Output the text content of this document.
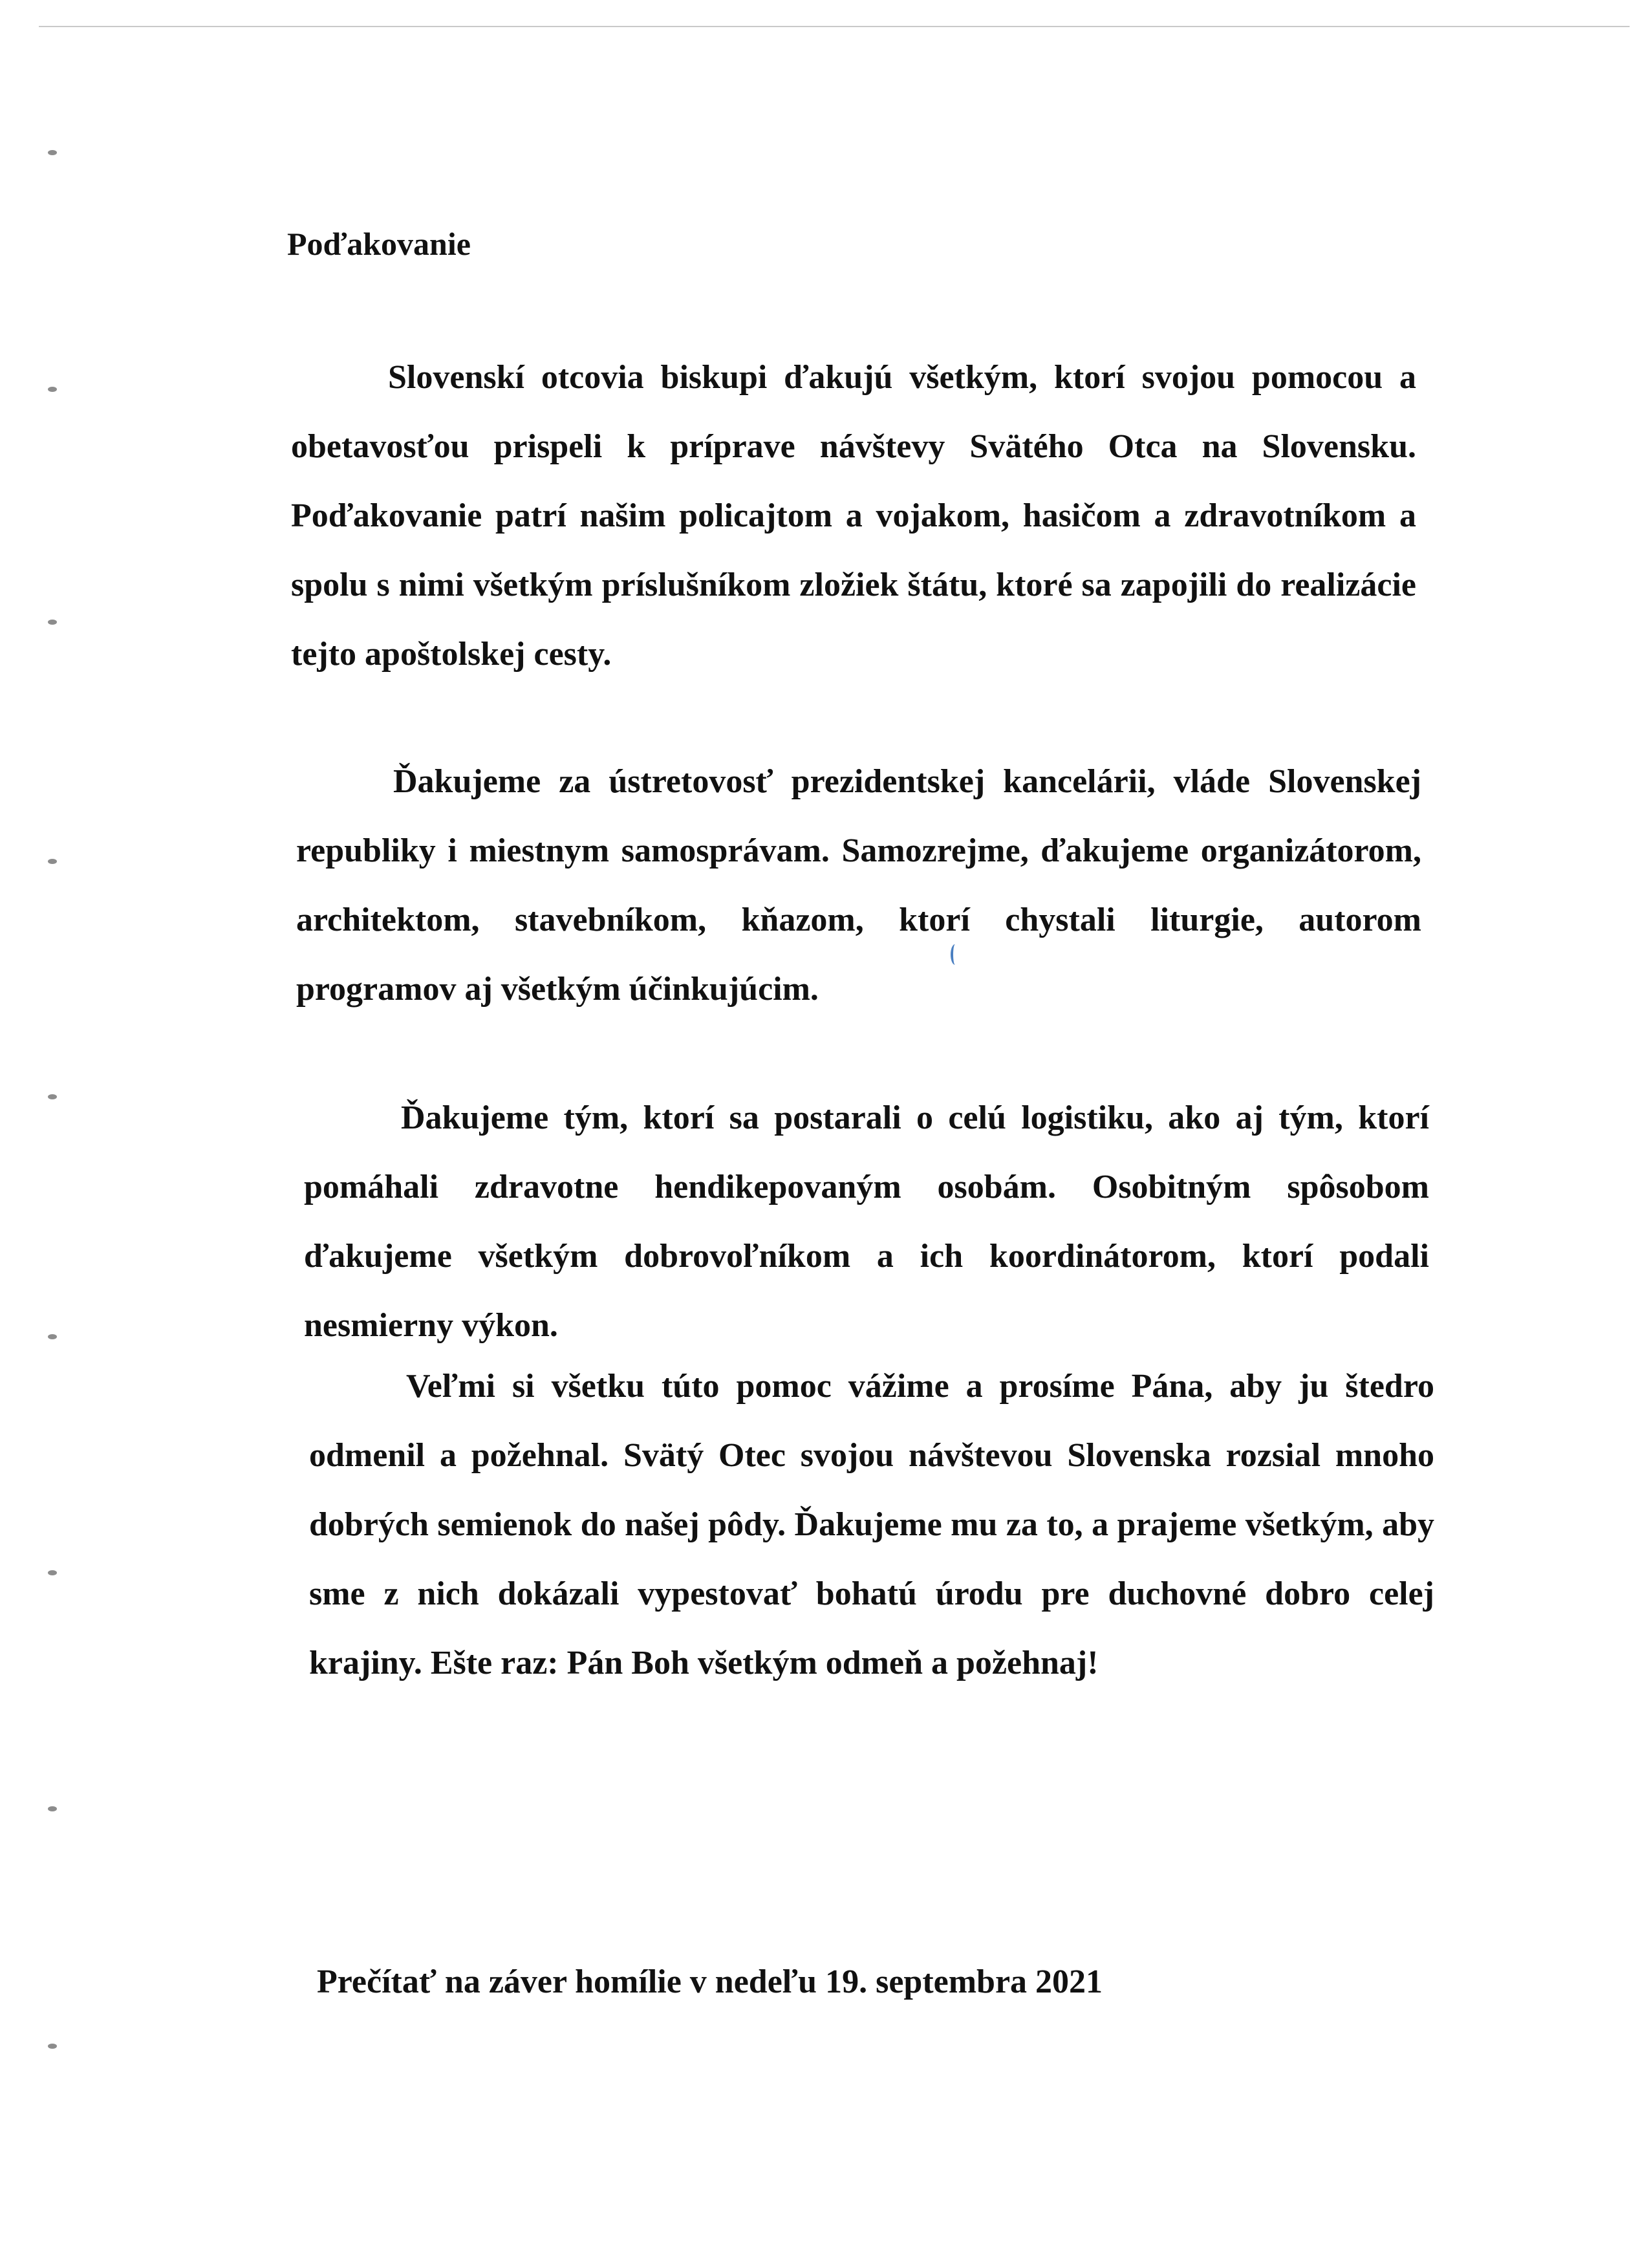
Poďakovanie

Slovenskí otcovia biskupi ďakujú všetkým, ktorí svojou pomocou a obetavosťou prispeli k príprave návštevy Svätého Otca na Slovensku. Poďakovanie patrí našim policajtom a vojakom, hasičom a zdravotníkom a spolu s nimi všetkým príslušníkom zložiek štátu, ktoré sa zapojili do realizácie tejto apoštolskej cesty.

Ďakujeme za ústretovosť prezidentskej kancelárii, vláde Slovenskej republiky i miestnym samosprávam. Samozrejme, ďakujeme organizátorom, architektom, stavebníkom, kňazom, ktorí chystali liturgie, autorom programov aj všetkým účinkujúcim.

Ďakujeme tým, ktorí sa postarali o celú logistiku, ako aj tým, ktorí pomáhali zdravotne hendikepovaným osobám. Osobitným spôsobom ďakujeme všetkým dobrovoľníkom a ich koordinátorom, ktorí podali nesmierny výkon.

Veľmi si všetku túto pomoc vážime a prosíme Pána, aby ju štedro odmenil a požehnal. Svätý Otec svojou návštevou Slovenska rozsial mnoho dobrých semienok do našej pôdy. Ďakujeme mu za to, a prajeme všetkým, aby sme z nich dokázali vypestovať bohatú úrodu pre duchovné dobro celej krajiny. Ešte raz: Pán Boh všetkým odmeň a požehnaj!

Prečítať na záver homílie v nedeľu 19. septembra 2021
